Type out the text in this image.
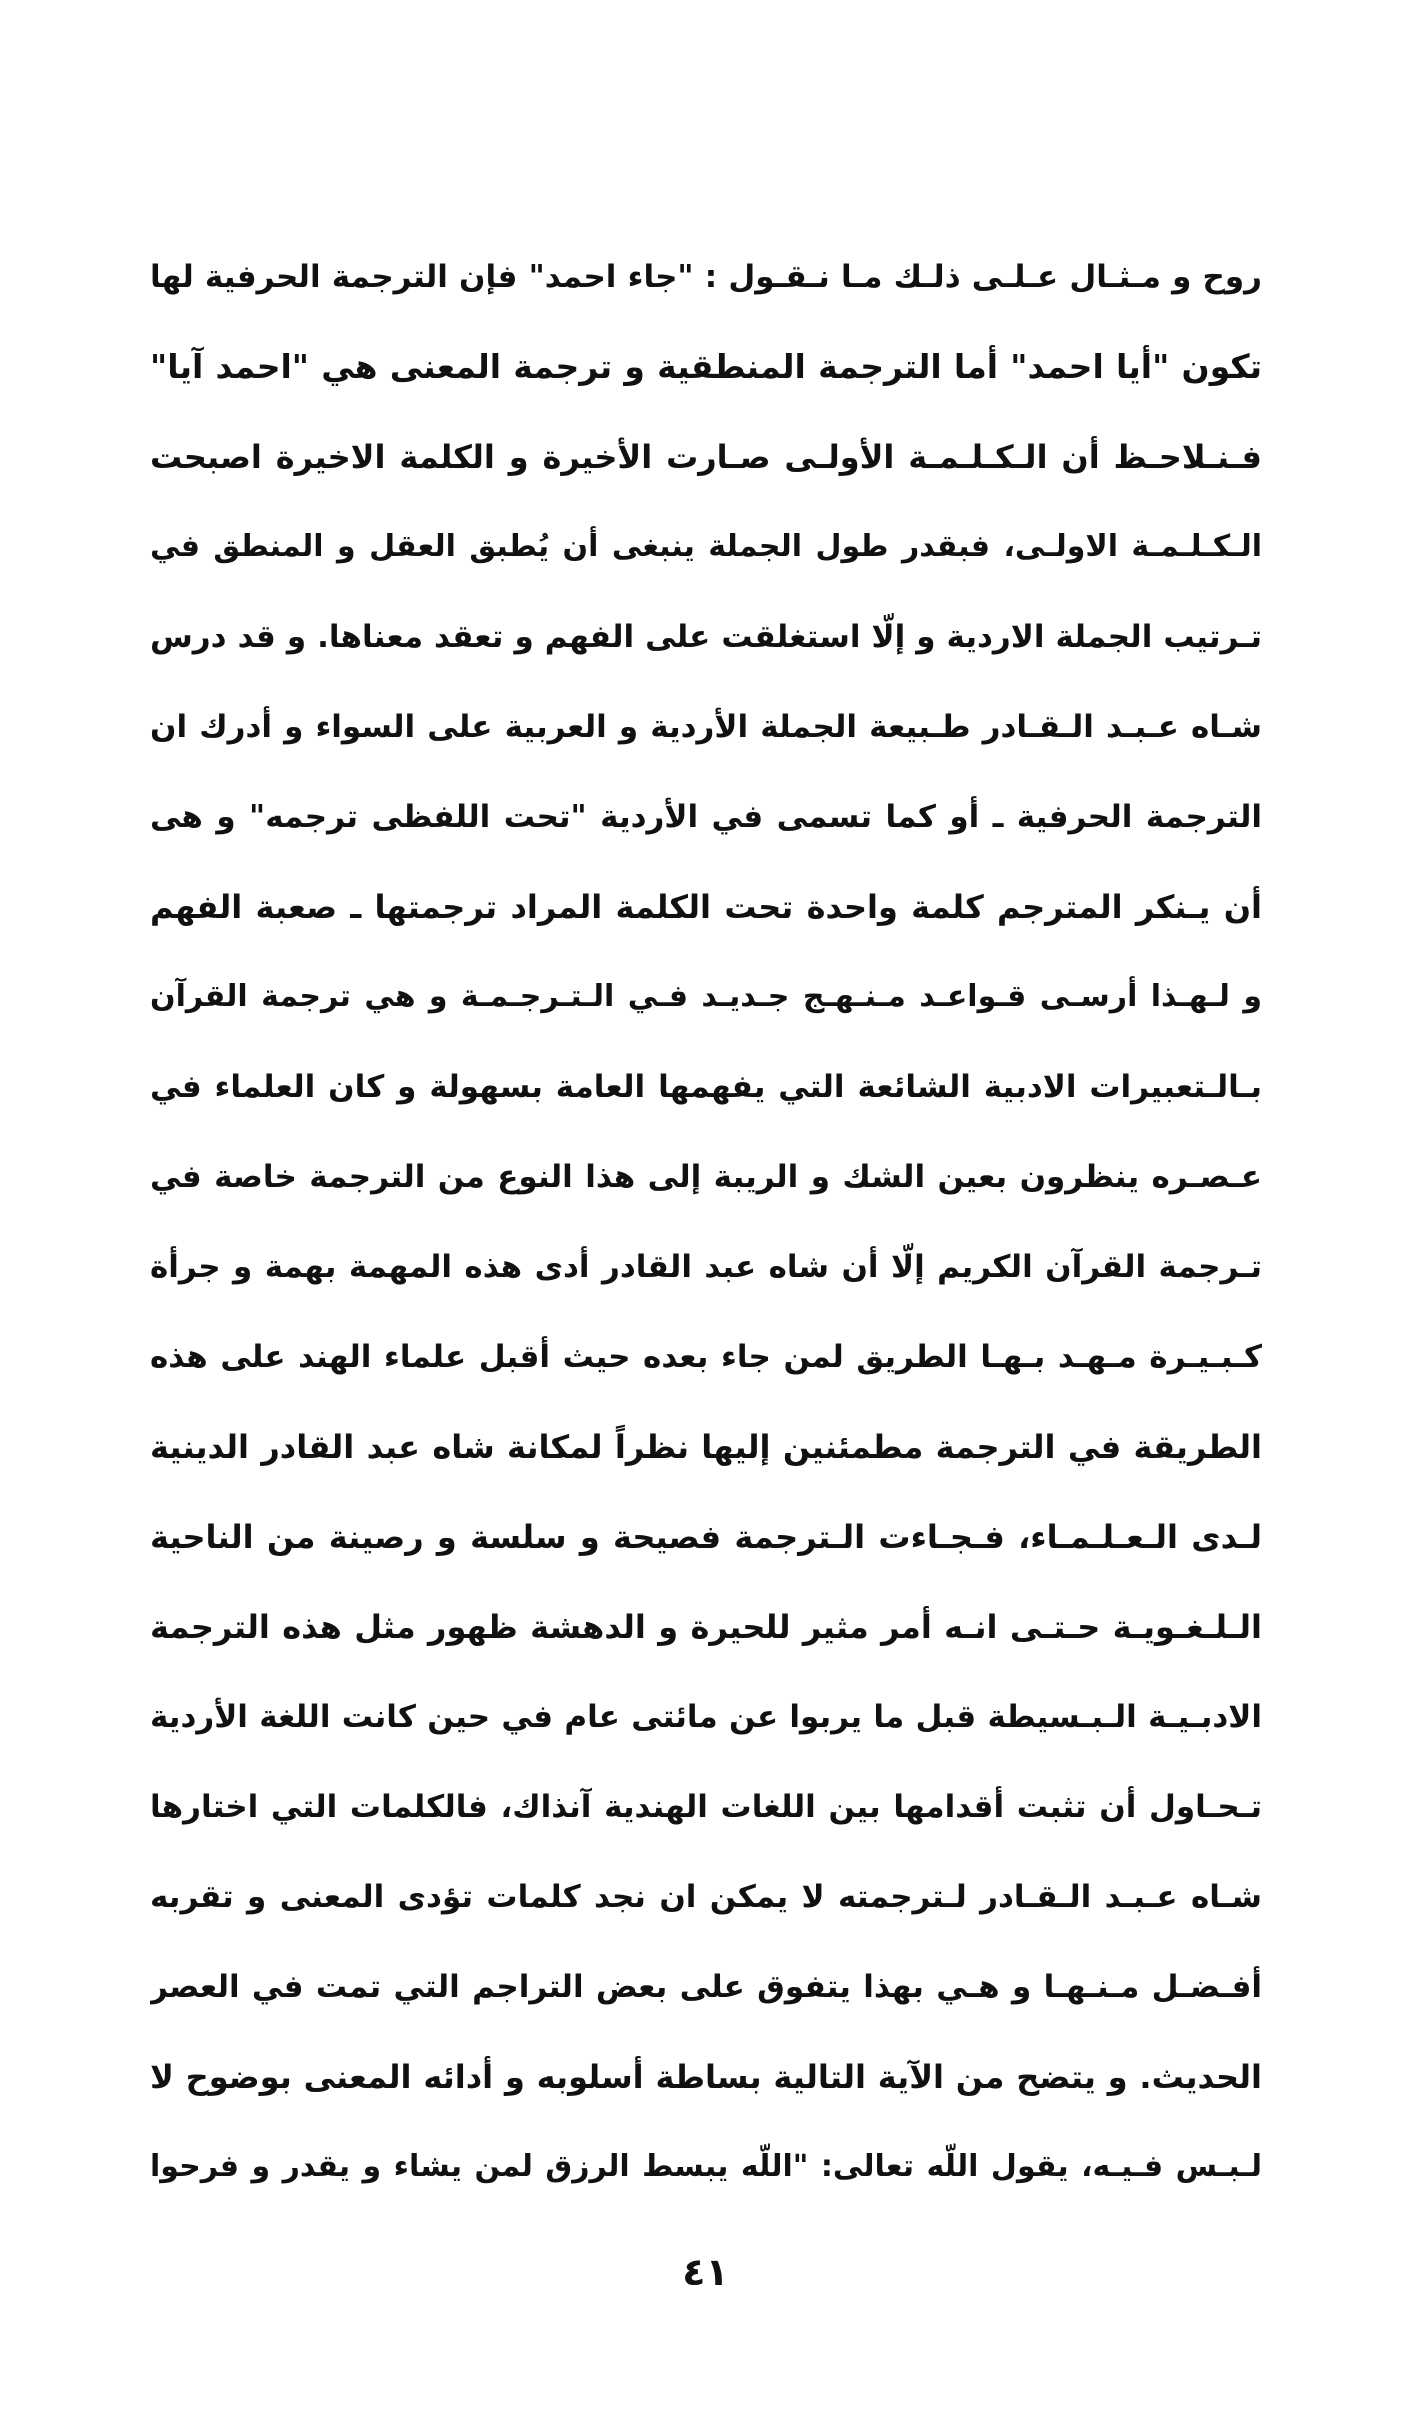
روح و مـثـال عـلـى ذلـك مـا نـقـول : "جاء احمد" فإن الترجمة الحرفية لها
تكون "أيا احمد" أما الترجمة المنطقية و ترجمة المعنى هي "احمد آيا"
فـنـلاحـظ أن الـكـلـمـة الأولـى صـارت الأخيرة و الكلمة الاخيرة اصبحت
الـكـلـمـة الاولـى، فبقدر طول الجملة ينبغى أن يُطبق العقل و المنطق في
تـرتيب الجملة الاردية و إلّا استغلقت على الفهم و تعقد معناها. و قد درس
شـاه عـبـد الـقـادر طـبيعة الجملة الأردية و العربية على السواء و أدرك ان
الترجمة الحرفية ـ أو كما تسمى في الأردية "تحت اللفظى ترجمه" و هى
أن يـنكر المترجم كلمة واحدة تحت الكلمة المراد ترجمتها ـ صعبة الفهم
و لـهـذا أرسـى قـواعـد مـنـهـج جـديـد فـي الـتـرجـمـة و هي ترجمة القرآن
بـالـتعبيرات الادبية الشائعة التي يفهمها العامة بسهولة و كان العلماء في
عـصـره ينظرون بعين الشك و الريبة إلى هذا النوع من الترجمة خاصة في
تـرجمة القرآن الكريم إلّا أن شاه عبد القادر أدى هذه المهمة بهمة و جرأة
كـبـيـرة مـهـد بـهـا الطريق لمن جاء بعده حيث أقبل علماء الهند على هذه
الطريقة في الترجمة مطمئنين إليها نظراً لمكانة شاه عبد القادر الدينية
لـدى الـعـلـمـاء، فـجـاءت الـترجمة فصيحة و سلسة و رصينة من الناحية
الـلـغـويـة حـتـى انـه أمر مثير للحيرة و الدهشة ظهور مثل هذه الترجمة
الادبـيـة الـبـسيطة قبل ما يربوا عن مائتى عام في حين كانت اللغة الأردية
تـحـاول أن تثبت أقدامها بين اللغات الهندية آنذاك، فالكلمات التي اختارها
شـاه عـبـد الـقـادر لـترجمته لا يمكن ان نجد كلمات تؤدى المعنى و تقربه
أفـضـل مـنـهـا و هـي بهذا يتفوق على بعض التراجم التي تمت في العصر
الحديث. و يتضح من الآية التالية بساطة أسلوبه و أدائه المعنى بوضوح لا
لـبـس فـيـه، يقول اللّه تعالى: "اللّه يبسط الرزق لمن يشاء و يقدر و فرحوا
٤١
